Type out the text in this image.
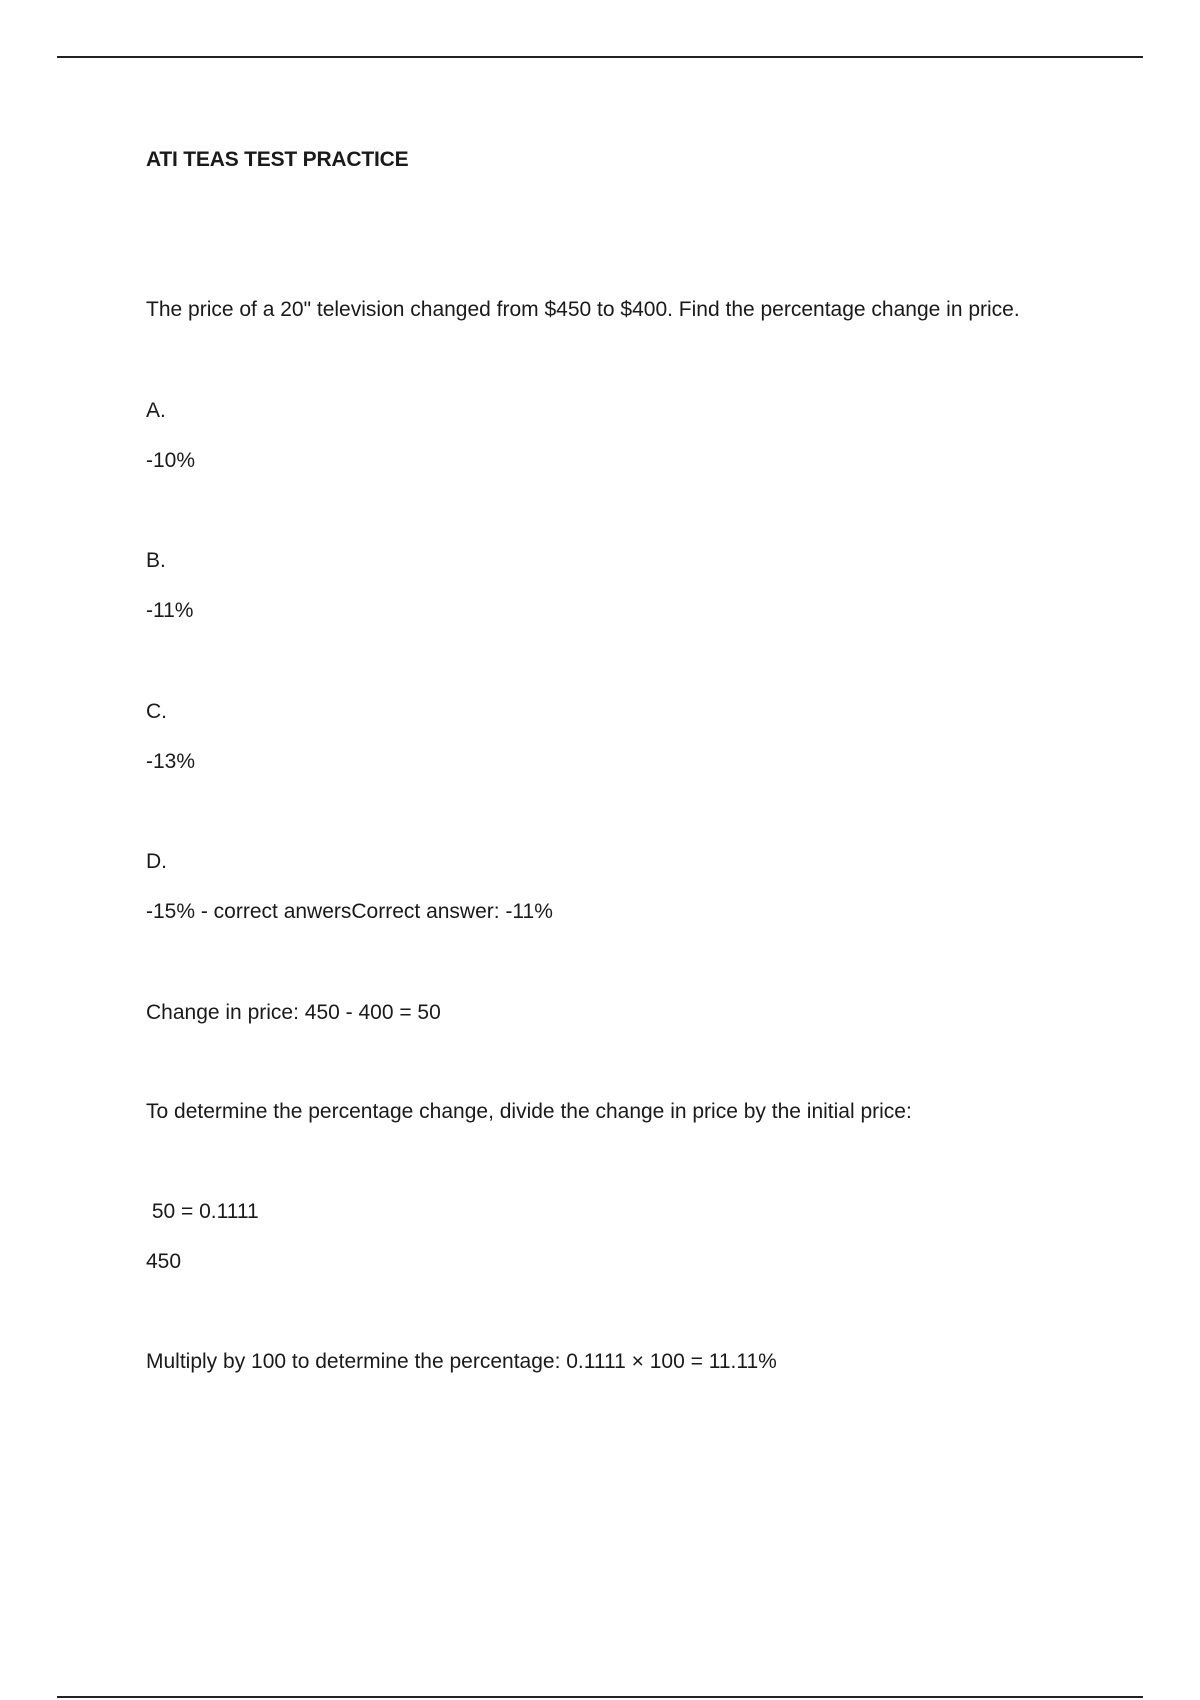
ATI TEAS TEST PRACTICE

The price of a 20" television changed from $450 to $400. Find the percentage change in price.

A.

-10%

B.

-11%

C.

-13%

D.

-15% - correct anwersCorrect answer: -11%

Change in price: 450 - 400 = 50

To determine the percentage change, divide the change in price by the initial price:

50 = 0.1111

450

Multiply by 100 to determine the percentage: 0.1111 × 100 = 11.11%
